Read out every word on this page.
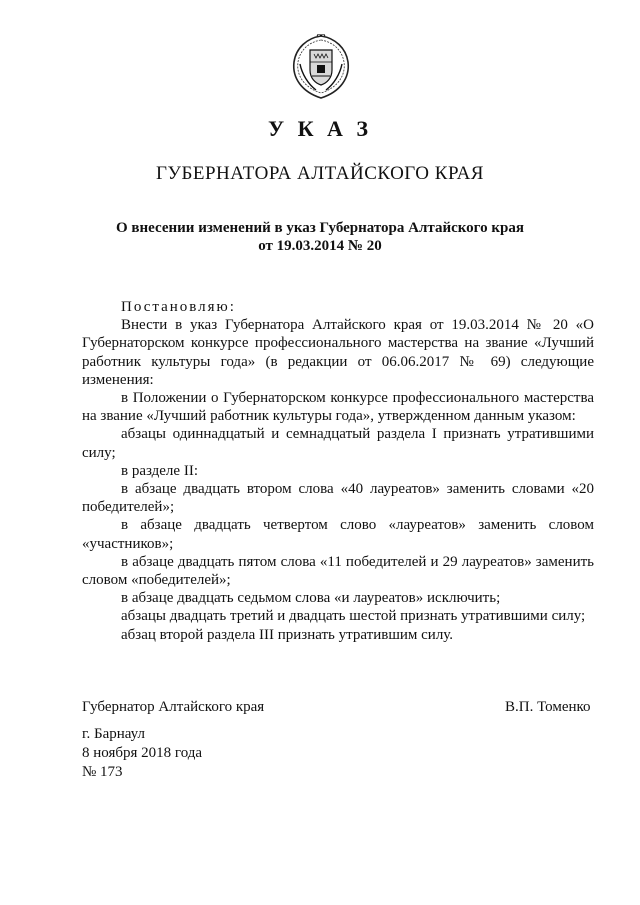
У К А З
ГУБЕРНАТОРА АЛТАЙСКОГО КРАЯ
О внесении изменений в указ Губернатора Алтайского края
от 19.03.2014 № 20

Постановляю:

Внести в указ Губернатора Алтайского края от 19.03.2014 № 20 «О Губернаторском конкурсе профессионального мастерства на звание «Лучший работник культуры года» (в редакции от 06.06.2017 № 69) следующие изменения:

в Положении о Губернаторском конкурсе профессионального мастерства на звание «Лучший работник культуры года», утвержденном данным указом:

абзацы одиннадцатый и семнадцатый раздела I признать утратившими силу;

в разделе II:

в абзаце двадцать втором слова «40 лауреатов» заменить словами «20 победителей»;

в абзаце двадцать четвертом слово «лауреатов» заменить словом «участников»;

в абзаце двадцать пятом слова «11 победителей и 29 лауреатов» заменить словом «победителей»;

в абзаце двадцать седьмом слова «и лауреатов» исключить;

абзацы двадцать третий и двадцать шестой признать утратившими силу;

абзац второй раздела III признать утратившим силу.

Губернатор Алтайского края	В.П. Томенко
г. Барнаул
8 ноября 2018 года
№ 173
